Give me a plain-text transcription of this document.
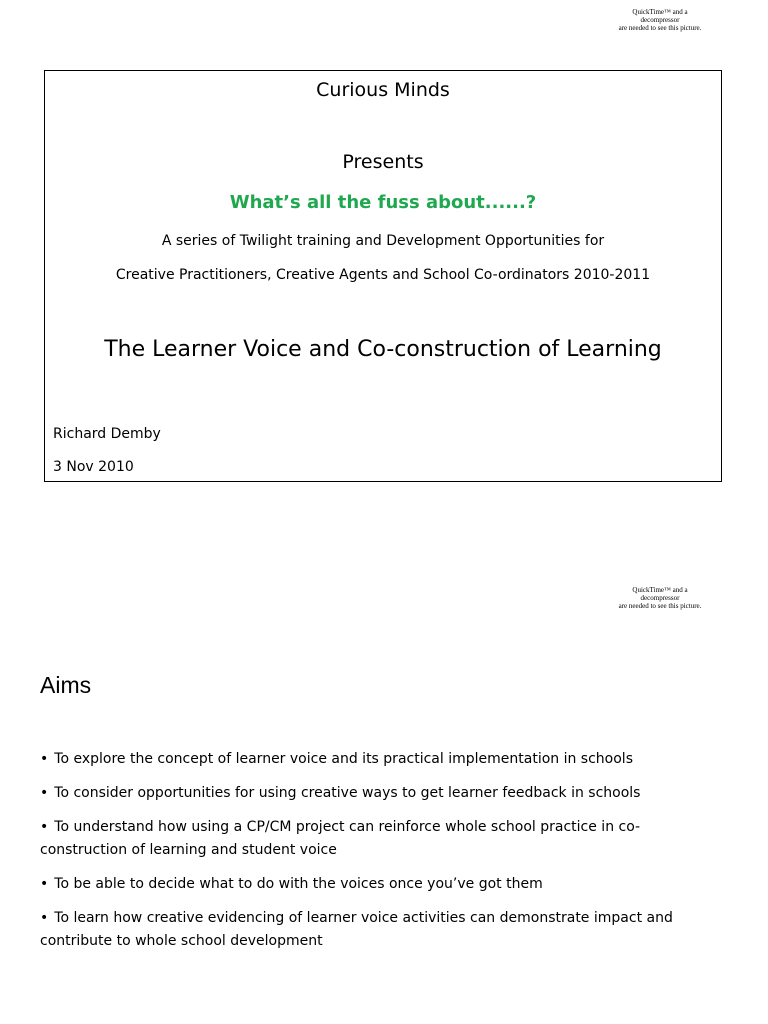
QuickTime™ and a
decompressor
are needed to see this picture.
Curious Minds
Presents
What’s all the fuss about......?
A series of Twilight training and Development Opportunities for
Creative Practitioners, Creative Agents and School Co-ordinators 2010-2011
The Learner Voice and Co-construction of Learning
Richard Demby
3 Nov 2010
QuickTime™ and a
decompressor
are needed to see this picture.
Aims
• To explore the concept of learner voice and its practical implementation in schools
• To consider opportunities for using creative ways to get learner feedback in schools
• To understand how using a CP/CM project can reinforce whole school practice in co-construction of learning and student voice
• To be able to decide what to do with the voices once you’ve got them
• To learn how creative evidencing of learner voice activities can demonstrate impact and contribute to whole school development
